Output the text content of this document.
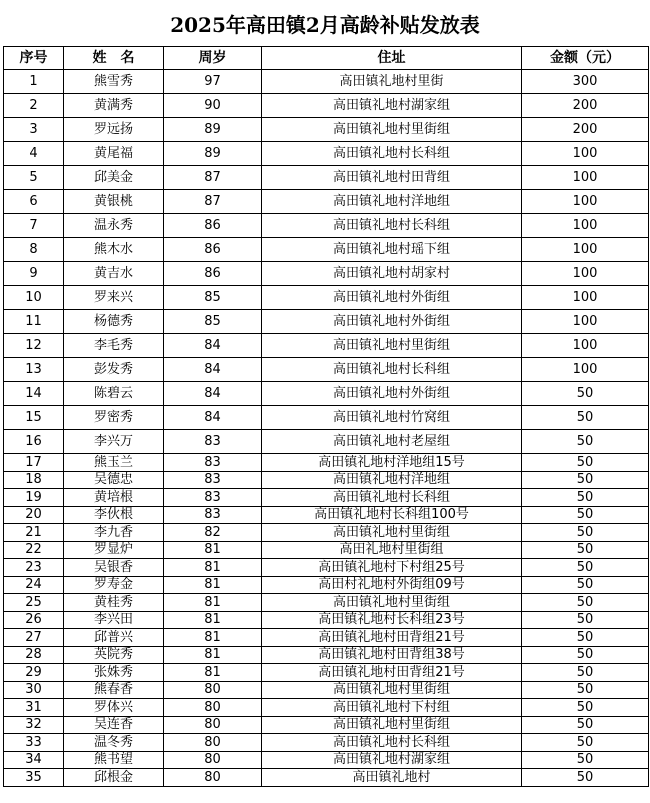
2025年高田镇2月高龄补贴发放表
序号	姓　名	周岁	住址	金额（元）
1	熊雪秀	97	高田镇礼地村里街	300
2	黄满秀	90	高田镇礼地村湖家组	200
3	罗远扬	89	高田镇礼地村里街组	200
4	黄尾福	89	高田镇礼地村长科组	100
5	邱美金	87	高田镇礼地村田背组	100
6	黄银桃	87	高田镇礼地村洋地组	100
7	温永秀	86	高田镇礼地村长科组	100
8	熊木水	86	高田镇礼地村瑶下组	100
9	黄吉水	86	高田镇礼地村胡家村	100
10	罗来兴	85	高田镇礼地村外街组	100
11	杨德秀	85	高田镇礼地村外街组	100
12	李毛秀	84	高田镇礼地村里街组	100
13	彭发秀	84	高田镇礼地村长科组	100
14	陈碧云	84	高田镇礼地村外街组	50
15	罗密秀	84	高田镇礼地村竹窝组	50
16	李兴万	83	高田镇礼地村老屋组	50
17	熊玉兰	83	高田镇礼地村洋地组15号	50
18	吴德忠	83	高田镇礼地村洋地组	50
19	黄培根	83	高田镇礼地村长科组	50
20	李伙根	83	高田镇礼地村长科组100号	50
21	李九香	82	高田镇礼地村里街组	50
22	罗显炉	81	高田礼地村里街组	50
23	吴银香	81	高田镇礼地村下村组25号	50
24	罗寿金	81	高田村礼地村外街组09号	50
25	黄桂秀	81	高田镇礼地村里街组	50
26	李兴田	81	高田镇礼地村长科组23号	50
27	邱普兴	81	高田镇礼地村田背组21号	50
28	英院秀	81	高田镇礼地村田背组38号	50
29	张姝秀	81	高田镇礼地村田背组21号	50
30	熊春香	80	高田镇礼地村里街组	50
31	罗体兴	80	高田镇礼地村下村组	50
32	吴连香	80	高田镇礼地村里街组	50
33	温冬秀	80	高田镇礼地村长科组	50
34	熊书望	80	高田镇礼地村湖家组	50
35	邱根金	80	高田镇礼地村	50
